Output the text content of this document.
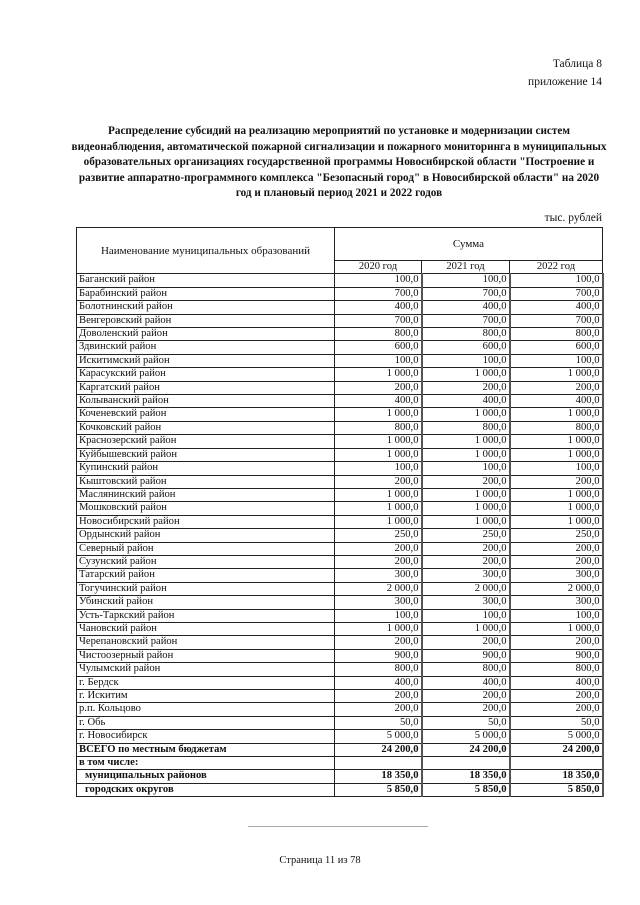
Таблица 8
приложение 14
Распределение субсидий на реализацию мероприятий по установке и модернизации систем видеонаблюдения, автоматической пожарной сигнализации и пожарного мониторинга в муниципальных образовательных организациях государственной программы Новосибирской области "Построение и развитие аппаратно-программного комплекса "Безопасный город" в Новосибирской области" на 2020 год и плановый период 2021 и 2022 годов
тыс. рублей
Наименование муниципальных образований	Сумма		
	2020 год	2021 год	2022 год
Баганский район	100,0	100,0	100,0
Барабинский район	700,0	700,0	700,0
Болотнинский район	400,0	400,0	400,0
Венгеровский район	700,0	700,0	700,0
Доволенский район	800,0	800,0	800,0
Здвинский район	600,0	600,0	600,0
Искитимский район	100,0	100,0	100,0
Карасукский район	1 000,0	1 000,0	1 000,0
Каргатский район	200,0	200,0	200,0
Колыванский район	400,0	400,0	400,0
Коченевский район	1 000,0	1 000,0	1 000,0
Кочковский район	800,0	800,0	800,0
Краснозерский район	1 000,0	1 000,0	1 000,0
Куйбышевский район	1 000,0	1 000,0	1 000,0
Купинский район	100,0	100,0	100,0
Кыштовский район	200,0	200,0	200,0
Маслянинский район	1 000,0	1 000,0	1 000,0
Мошковский район	1 000,0	1 000,0	1 000,0
Новосибирский район	1 000,0	1 000,0	1 000,0
Ордынский район	250,0	250,0	250,0
Северный район	200,0	200,0	200,0
Сузунский район	200,0	200,0	200,0
Татарский район	300,0	300,0	300,0
Тогучинский район	2 000,0	2 000,0	2 000,0
Убинский район	300,0	300,0	300,0
Усть-Таркский район	100,0	100,0	100,0
Чановский район	1 000,0	1 000,0	1 000,0
Черепановский район	200,0	200,0	200,0
Чистоозерный район	900,0	900,0	900,0
Чулымский район	800,0	800,0	800,0
г. Бердск	400,0	400,0	400,0
г. Искитим	200,0	200,0	200,0
р.п. Кольцово	200,0	200,0	200,0
г. Обь	50,0	50,0	50,0
г. Новосибирск	5 000,0	5 000,0	5 000,0
ВСЕГО по местным бюджетам	24 200,0	24 200,0	24 200,0
в том числе:			
муниципальных районов	18 350,0	18 350,0	18 350,0
городских округов	5 850,0	5 850,0	5 850,0
Страница 11 из 78
